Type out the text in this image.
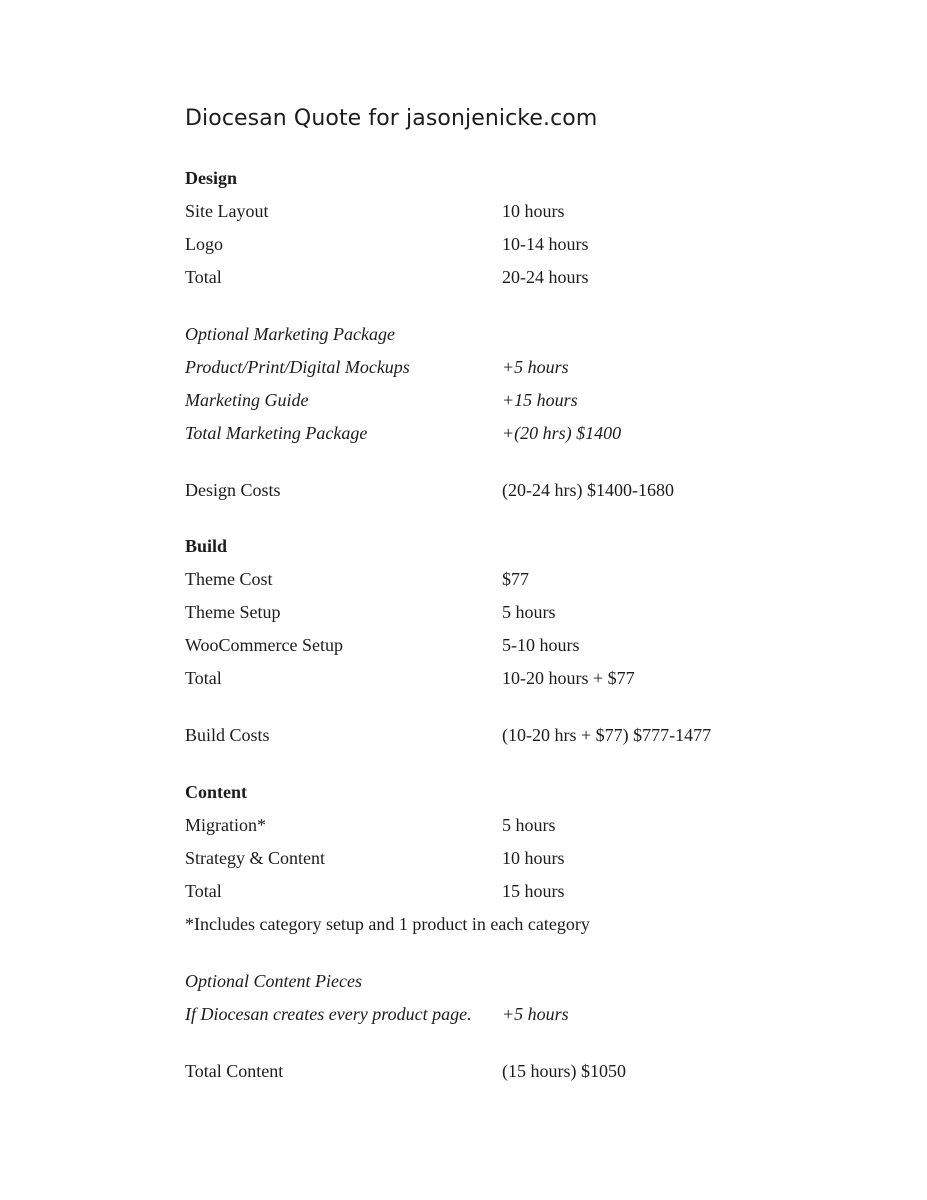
Diocesan Quote for jasonjenicke.com
Design
Site Layout	10 hours
Logo	10-14 hours
Total	20-24 hours
Optional Marketing Package
Product/Print/Digital Mockups	+5 hours
Marketing Guide	+15 hours
Total Marketing Package	+(20 hrs) $1400
Design Costs	(20-24 hrs) $1400-1680
Build
Theme Cost	$77
Theme Setup	5 hours
WooCommerce Setup	5-10 hours
Total	10-20 hours + $77
Build Costs	(10-20 hrs + $77) $777-1477
Content
Migration*	5 hours
Strategy & Content	10 hours
Total	15 hours
*Includes category setup and 1 product in each category
Optional Content Pieces
If Diocesan creates every product page. +5 hours
Total Content	(15 hours) $1050
